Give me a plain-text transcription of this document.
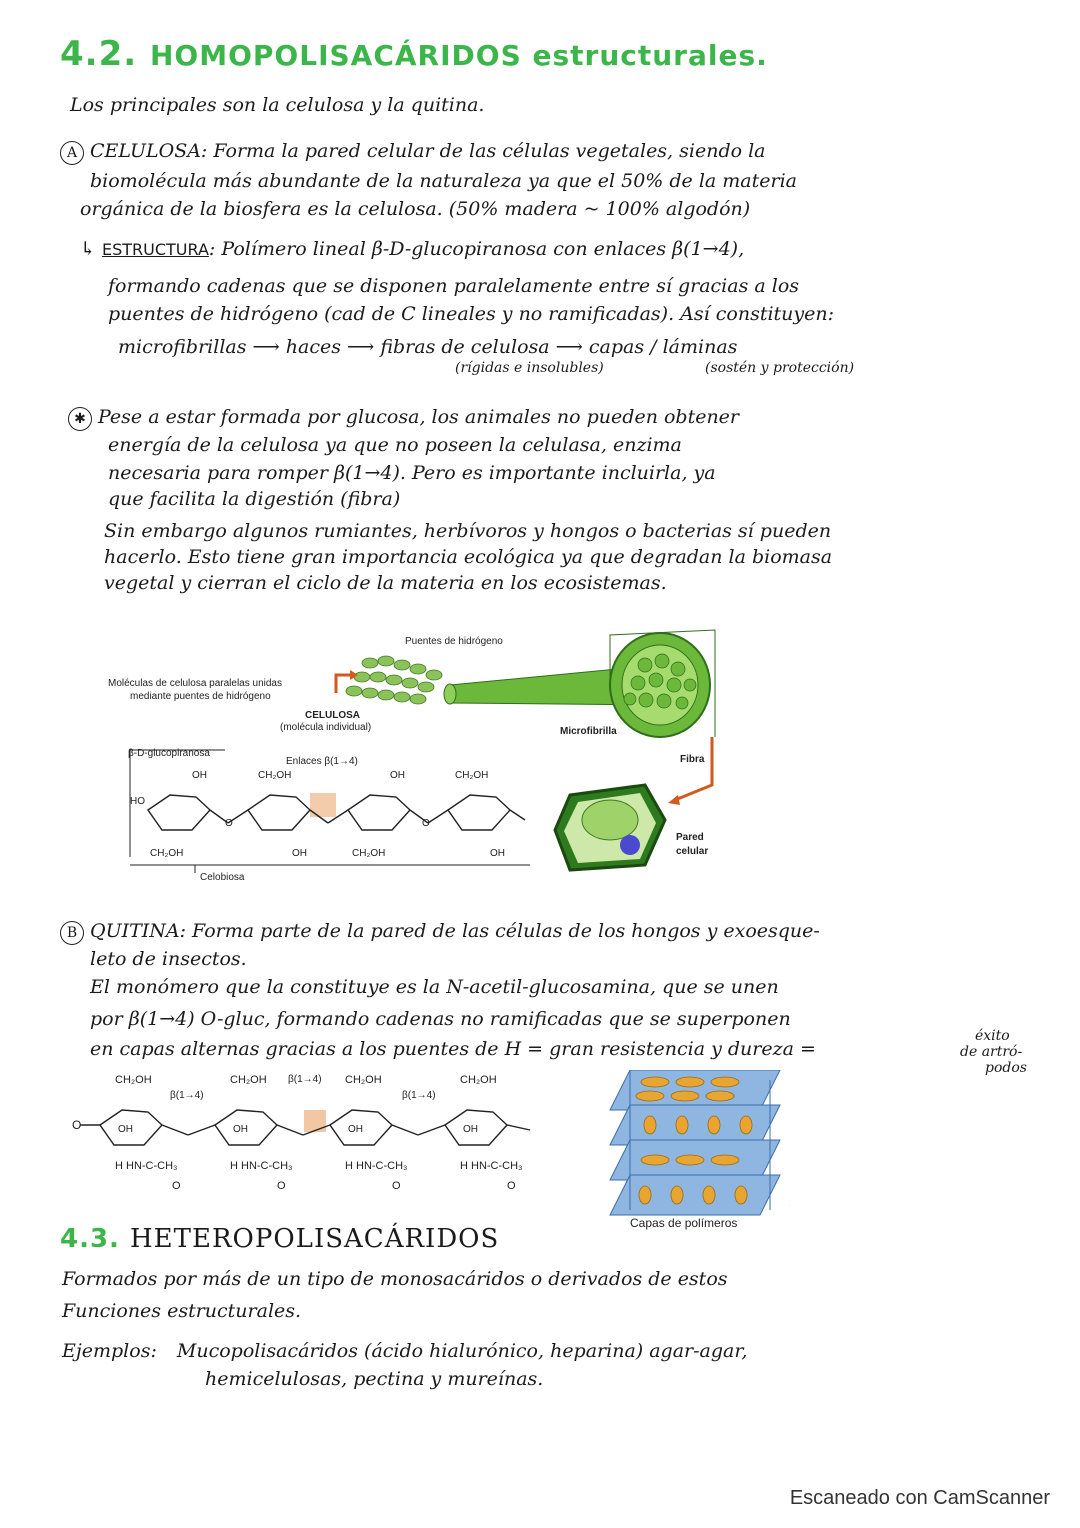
4.2. HOMOPOLISACÁRIDOS estructurales.
Los principales son la celulosa y la quitina.
A CELULOSA: Forma la pared celular de las células vegetales, siendo la
biomolécula más abundante de la naturaleza ya que el 50% de la materia
orgánica de la biosfera es la celulosa. (50% madera ~ 100% algodón)
↳ ESTRUCTURA: Polímero lineal β-D-glucopiranosa con enlaces β(1→4),
formando cadenas que se disponen paralelamente entre sí gracias a los
puentes de hidrógeno (cad de C lineales y no ramificadas). Así constituyen:
microfibrillas ⟶ haces ⟶ fibras de celulosa ⟶ capas / láminas
(rígidas e insolubles)	(sostén y protección)
✱ Pese a estar formada por glucosa, los animales no pueden obtener
energía de la celulosa ya que no poseen la celulasa, enzima
necesaria para romper β(1→4). Pero es importante incluirla, ya
que facilita la digestión (fibra)
Sin embargo algunos rumiantes, herbívoros y hongos o bacterias sí pueden
hacerlo. Esto tiene gran importancia ecológica ya que degradan la biomasa
vegetal y cierran el ciclo de la materia en los ecosistemas.
Puentes de hidrógeno
Moléculas de celulosa paralelas unidas
mediante puentes de hidrógeno
CELULOSA
(molécula individual)	Microfibrilla
Fibra
Pared
celular
β-D-glucopiranosa
Enlaces β(1→4)
Celobiosa
CH₂OH	CH₂OH
CH₂OH	CH₂OH
HO
OH	OH
OH	OH
O	O
B QUITINA: Forma parte de la pared de las células de los hongos y exoesque-
leto de insectos.
El monómero que la constituye es la N-acetil-glucosamina, que se unen
por β(1→4) O-gluc, formando cadenas no ramificadas que se superponen
en capas alternas gracias a los puentes de H = gran resistencia y dureza =
éxito
de artró-
podos
CH₂OH	CH₂OH	CH₂OH	CH₂OH
β(1→4)
β(1→4)
β(1→4)
O	OH	OH	OH	OH
H HN-C-CH₃	H HN-C-CH₃	H HN-C-CH₃	H HN-C-CH₃
O	O	O	O
Capas de polímeros
4.3. HETEROPOLISACÁRIDOS
Formados por más de un tipo de monosacáridos o derivados de estos
Funciones estructurales.
Ejemplos: Mucopolisacáridos (ácido hialurónico, heparina) agar-agar,
hemicelulosas, pectina y mureínas.
Escaneado con CamScanner
